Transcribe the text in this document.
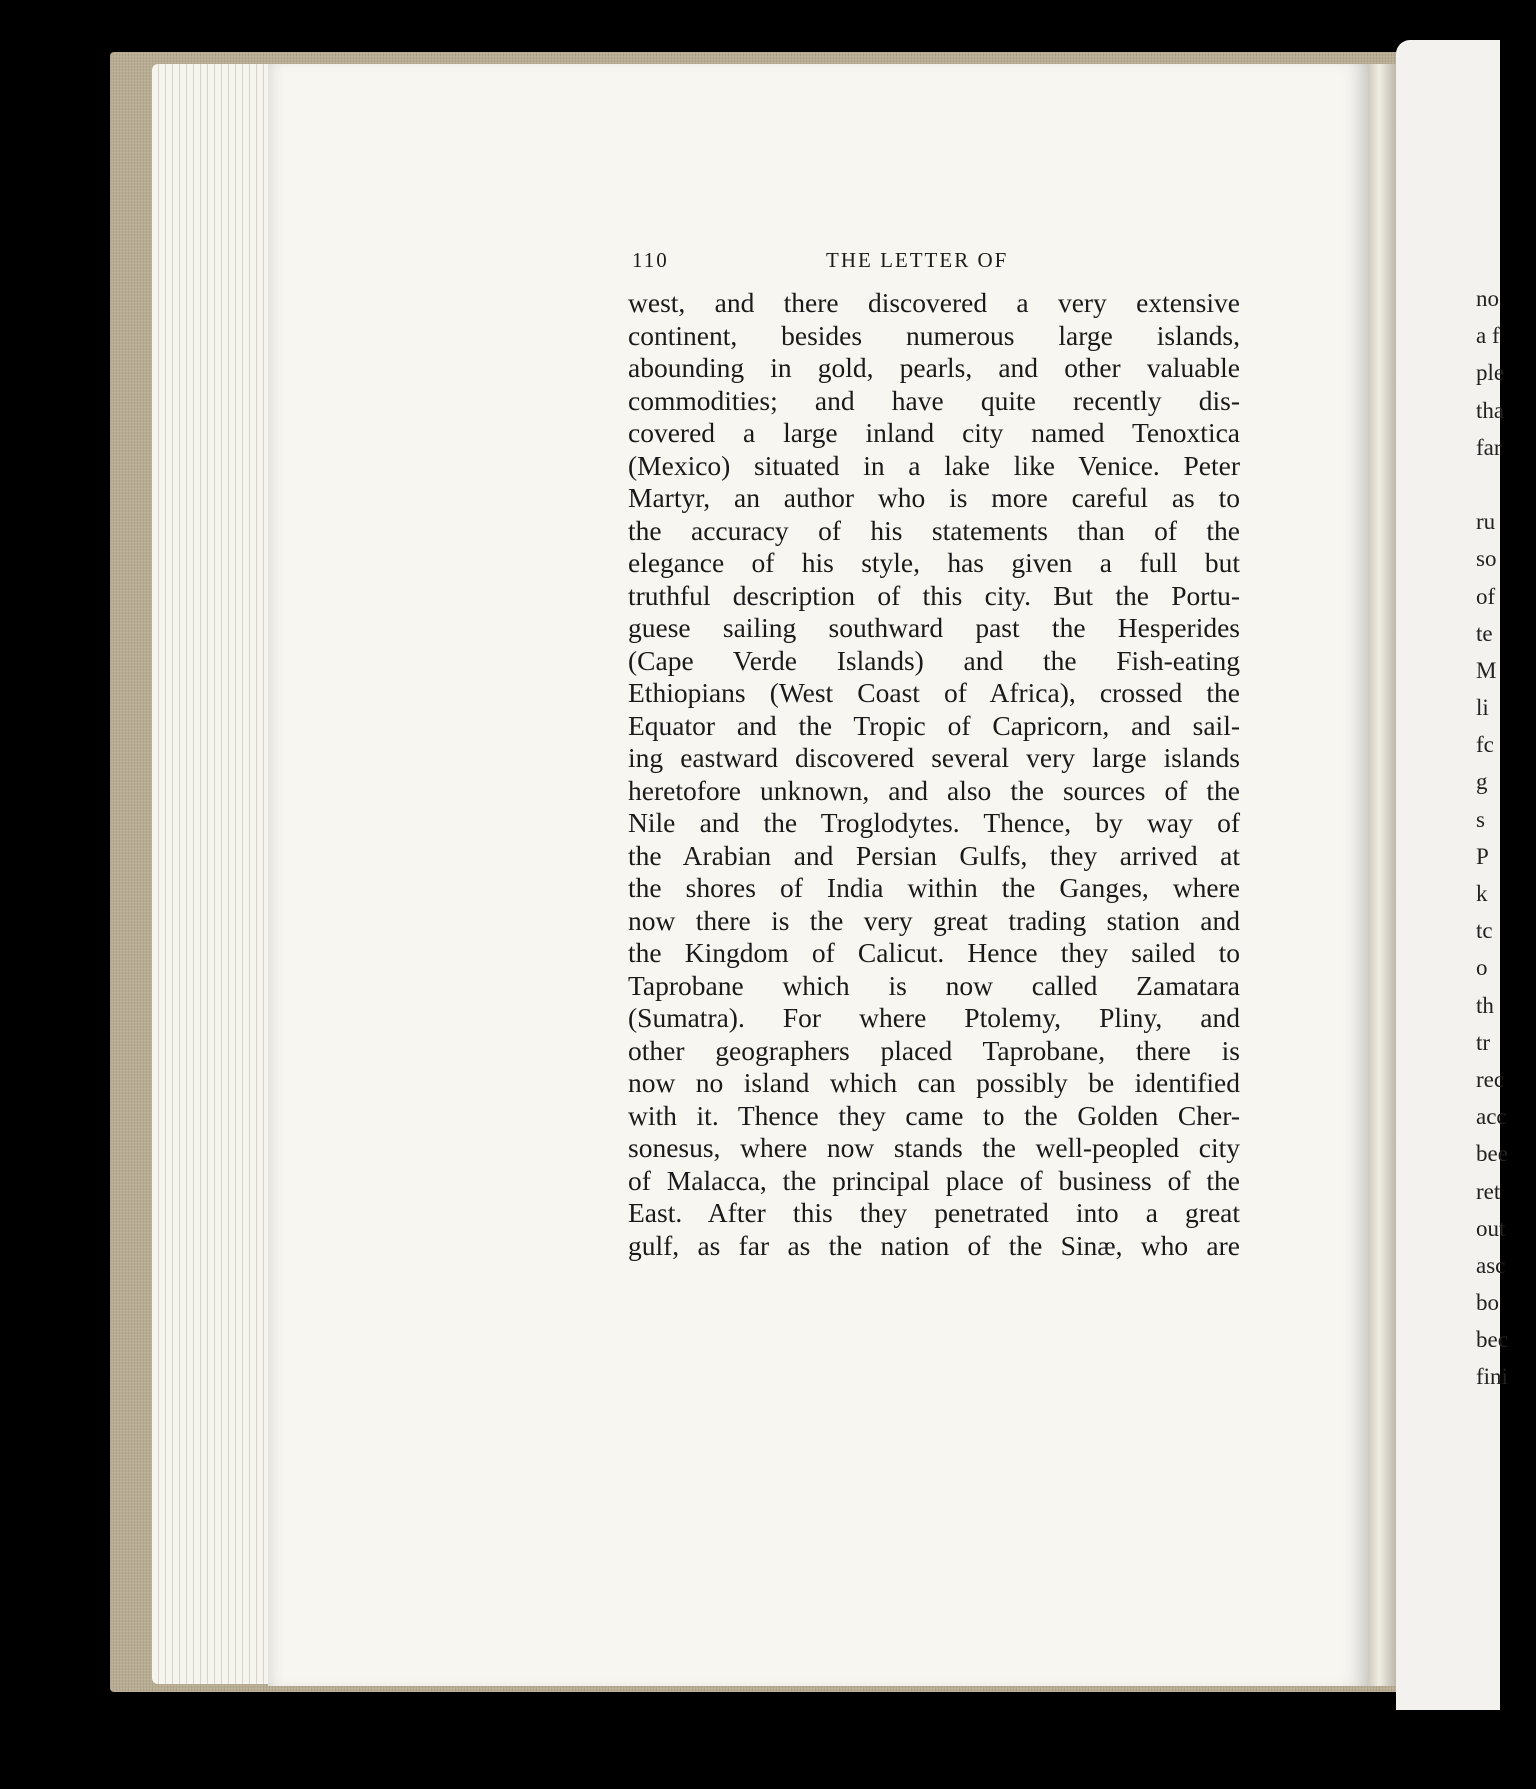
no
a f
ple
tha
far
ru
so
of
te
M
li
fc
g
s
P
k
tc
o
th
tr
rec
acc
bee
ret
out
asc
bo
bec
fini
110	THE LETTER OF
west, and there discovered a very extensive
continent, besides numerous large islands,
abounding in gold, pearls, and other valuable
commodities; and have quite recently dis-
covered a large inland city named Tenoxtica
(Mexico) situated in a lake like Venice. Peter
Martyr, an author who is more careful as to
the accuracy of his statements than of the
elegance of his style, has given a full but
truthful description of this city. But the Portu-
guese sailing southward past the Hesperides
(Cape Verde Islands) and the Fish-eating
Ethiopians (West Coast of Africa), crossed the
Equator and the Tropic of Capricorn, and sail-
ing eastward discovered several very large islands
heretofore unknown, and also the sources of the
Nile and the Troglodytes. Thence, by way of
the Arabian and Persian Gulfs, they arrived at
the shores of India within the Ganges, where
now there is the very great trading station and
the Kingdom of Calicut. Hence they sailed to
Taprobane which is now called Zamatara
(Sumatra). For where Ptolemy, Pliny, and
other geographers placed Taprobane, there is
now no island which can possibly be identified
with it. Thence they came to the Golden Cher-
sonesus, where now stands the well-peopled city
of Malacca, the principal place of business of the
East. After this they penetrated into a great
gulf, as far as the nation of the Sinæ, who are
